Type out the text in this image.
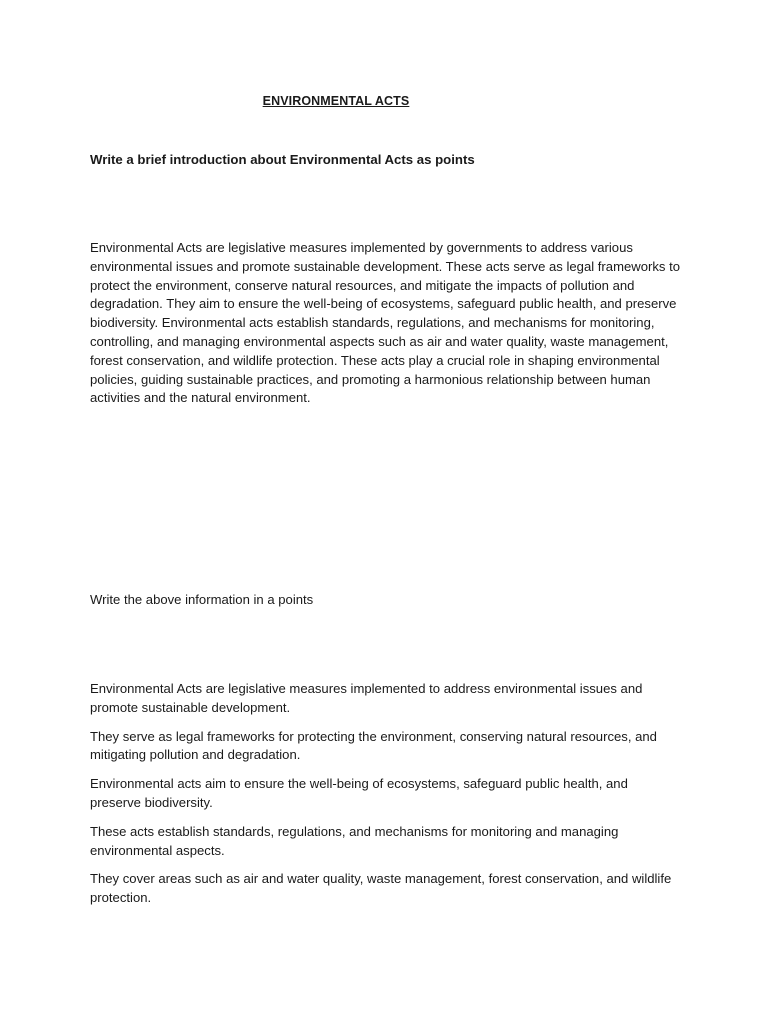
ENVIRONMENTAL ACTS
Write a brief introduction about Environmental Acts as points
Environmental Acts are legislative measures implemented by governments to address various environmental issues and promote sustainable development. These acts serve as legal frameworks to protect the environment, conserve natural resources, and mitigate the impacts of pollution and degradation. They aim to ensure the well-being of ecosystems, safeguard public health, and preserve biodiversity. Environmental acts establish standards, regulations, and mechanisms for monitoring, controlling, and managing environmental aspects such as air and water quality, waste management, forest conservation, and wildlife protection. These acts play a crucial role in shaping environmental policies, guiding sustainable practices, and promoting a harmonious relationship between human activities and the natural environment.
Write the above information in a points

Environmental Acts are legislative measures implemented to address environmental issues and promote sustainable development.

They serve as legal frameworks for protecting the environment, conserving natural resources, and mitigating pollution and degradation.

Environmental acts aim to ensure the well-being of ecosystems, safeguard public health, and preserve biodiversity.

These acts establish standards, regulations, and mechanisms for monitoring and managing environmental aspects.

They cover areas such as air and water quality, waste management, forest conservation, and wildlife protection.
